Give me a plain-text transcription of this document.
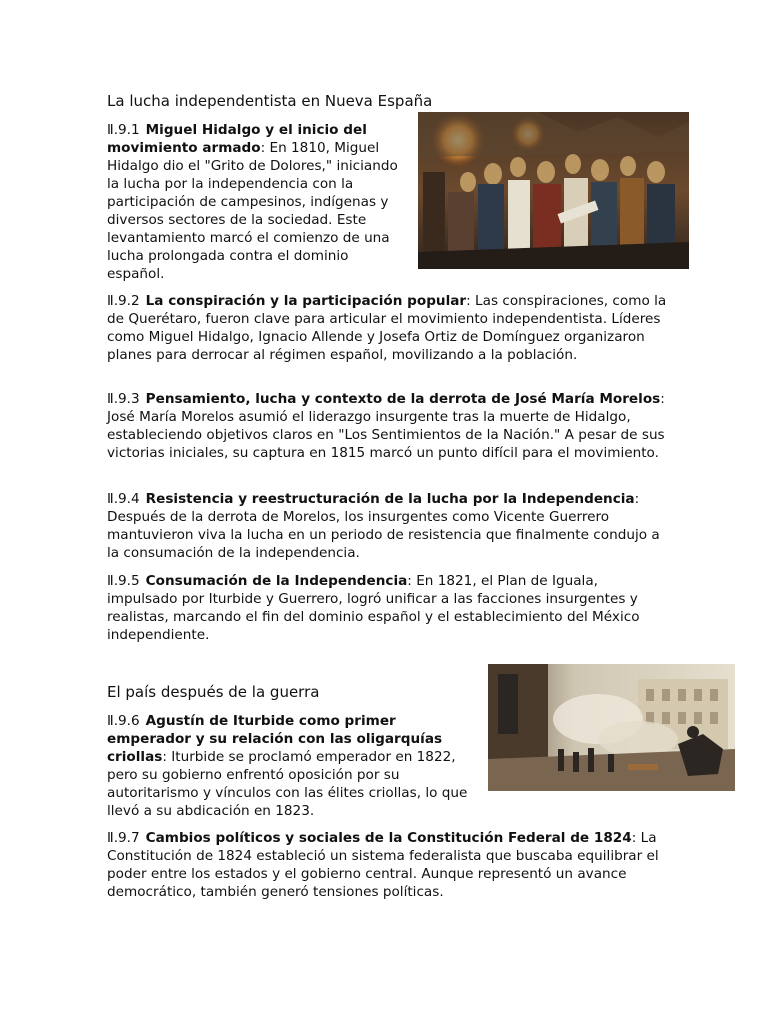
La lucha independentista en Nueva España

Ⅱ.9.1 Miguel Hidalgo y el inicio del movimiento armado: En 1810, Miguel Hidalgo dio el "Grito de Dolores," iniciando la lucha por la independencia con la participación de campesinos, indígenas y diversos sectores de la sociedad. Este levantamiento marcó el comienzo de una lucha prolongada contra el dominio español.

Ⅱ.9.2 La conspiración y la participación popular: Las conspiraciones, como la de Querétaro, fueron clave para articular el movimiento independentista. Líderes como Miguel Hidalgo, Ignacio Allende y Josefa Ortiz de Domínguez organizaron planes para derrocar al régimen español, movilizando a la población.

Ⅱ.9.3 Pensamiento, lucha y contexto de la derrota de José María Morelos: José María Morelos asumió el liderazgo insurgente tras la muerte de Hidalgo, estableciendo objetivos claros en "Los Sentimientos de la Nación." A pesar de sus victorias iniciales, su captura en 1815 marcó un punto difícil para el movimiento.

Ⅱ.9.4 Resistencia y reestructuración de la lucha por la Independencia: Después de la derrota de Morelos, los insurgentes como Vicente Guerrero mantuvieron viva la lucha en un periodo de resistencia que finalmente condujo a la consumación de la independencia.

Ⅱ.9.5 Consumación de la Independencia: En 1821, el Plan de Iguala, impulsado por Iturbide y Guerrero, logró unificar a las facciones insurgentes y realistas, marcando el fin del dominio español y el establecimiento del México independiente.

El país después de la guerra

Ⅱ.9.6 Agustín de Iturbide como primer emperador y su relación con las oligarquías criollas: Iturbide se proclamó emperador en 1822, pero su gobierno enfrentó oposición por su autoritarismo y vínculos con las élites criollas, lo que llevó a su abdicación en 1823.

Ⅱ.9.7 Cambios políticos y sociales de la Constitución Federal de 1824: La Constitución de 1824 estableció un sistema federalista que buscaba equilibrar el poder entre los estados y el gobierno central. Aunque representó un avance democrático, también generó tensiones políticas.
